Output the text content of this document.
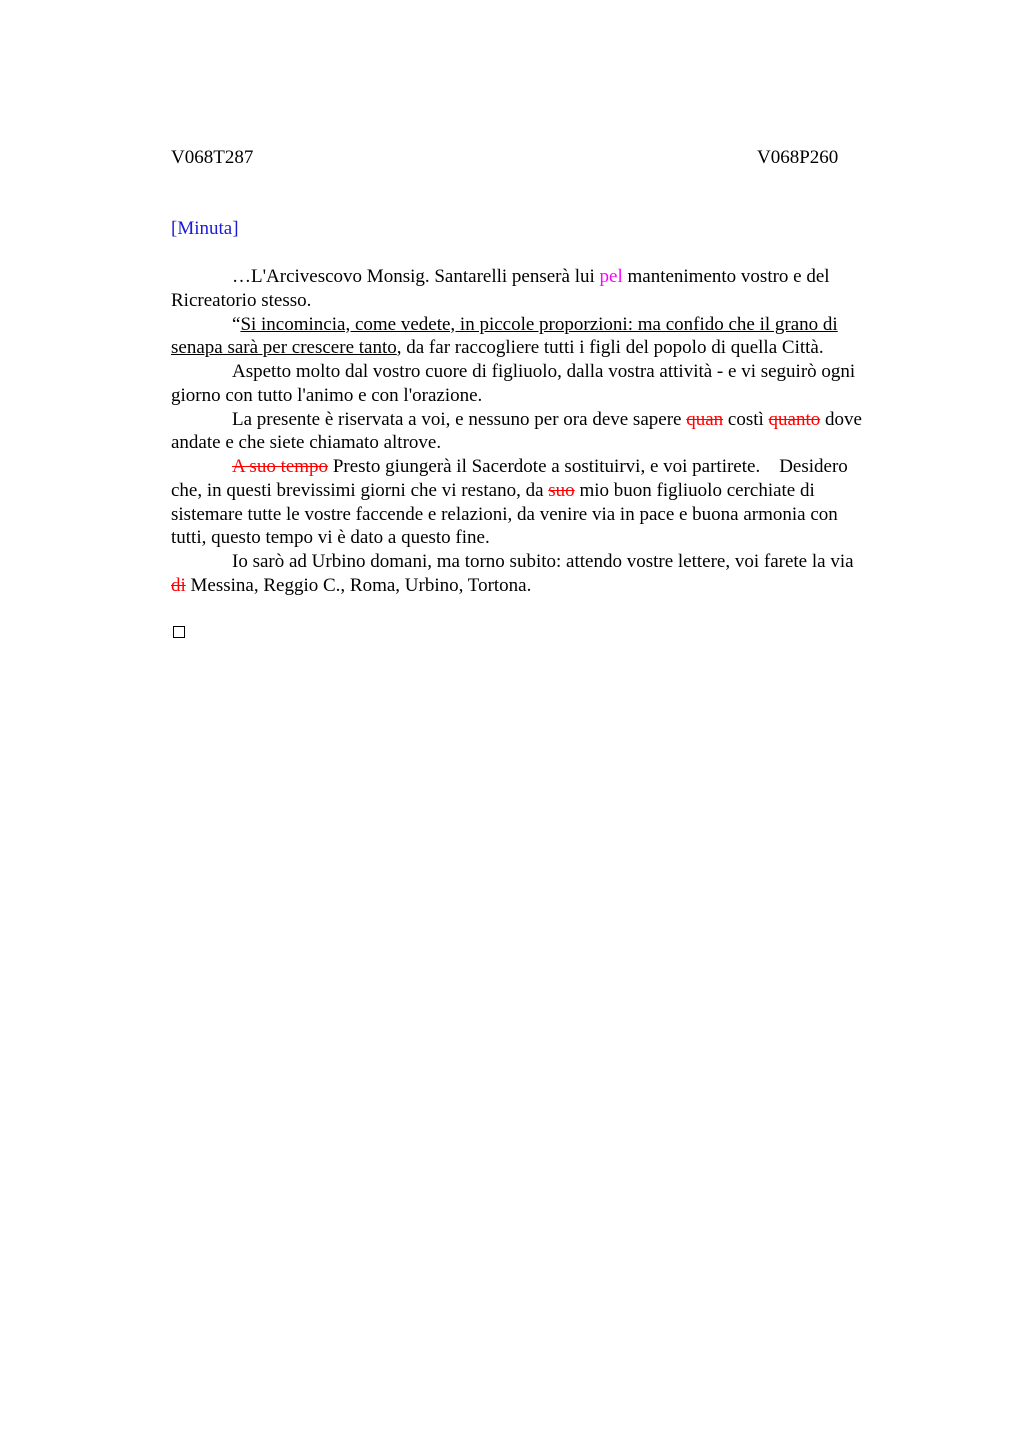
V068T287	V068P260
[Minuta]

…L'Arcivescovo Monsig. Santarelli penserà lui pel mantenimento vostro e del
Ricreatorio stesso.

“Si incomincia, come vedete, in piccole proporzioni: ma confido che il grano di
senapa sarà per crescere tanto, da far raccogliere tutti i figli del popolo di quella Città.

Aspetto molto dal vostro cuore di figliuolo, dalla vostra attività - e vi seguirò ogni
giorno con tutto l'animo e con l'orazione.

La presente è riservata a voi, e nessuno per ora deve sapere quan costì quanto dove
andate e che siete chiamato altrove.

A suo tempo Presto giungerà il Sacerdote a sostituirvi, e voi partirete.    Desidero
che, in questi brevissimi giorni che vi restano, da suo mio buon figliuolo cerchiate di
sistemare tutte le vostre faccende e relazioni, da venire via in pace e buona armonia con
tutti, questo tempo vi è dato a questo fine.

Io sarò ad Urbino domani, ma torno subito: attendo vostre lettere, voi farete la via
di Messina, Reggio C., Roma, Urbino, Tortona.
